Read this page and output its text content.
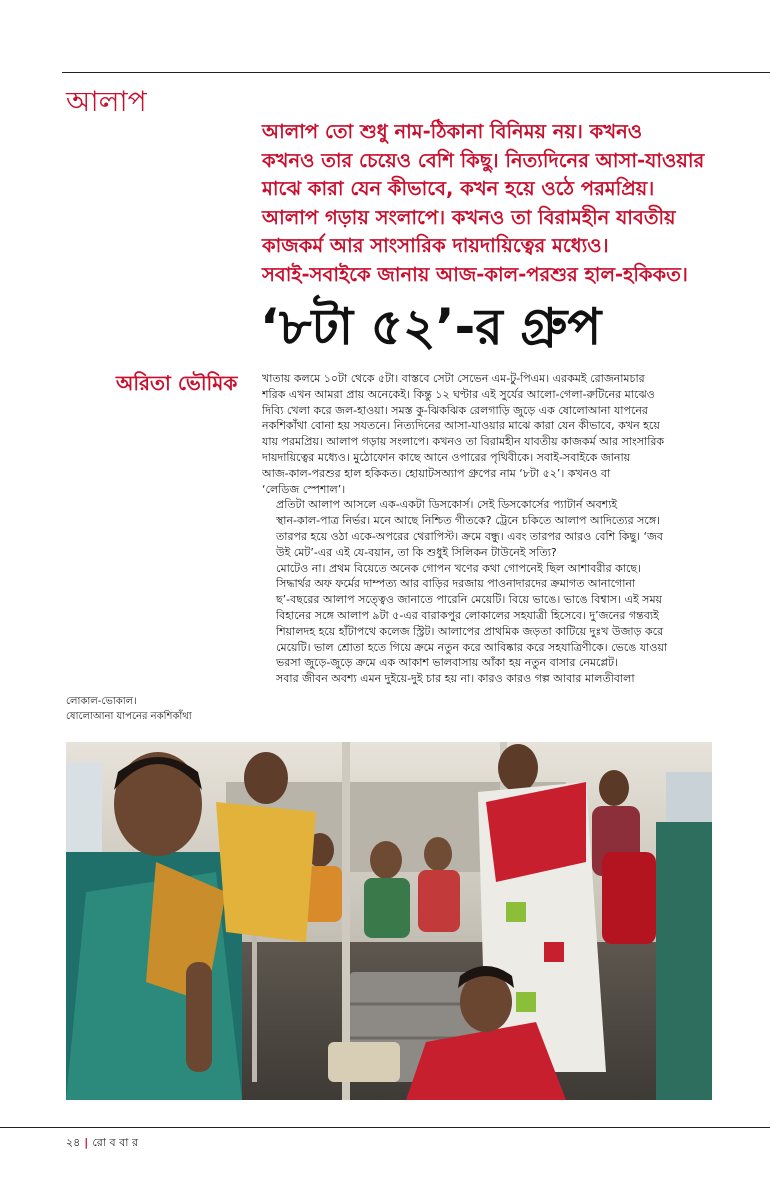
আলাপ
আলাপ তো শুধু নাম-ঠিকানা বিনিময় নয়। কখনও
কখনও তার চেয়েও বেশি কিছু। নিত্যদিনের আসা-যাওয়ার
মাঝে কারা যেন কীভাবে, কখন হয়ে ওঠে পরমপ্রিয়।
আলাপ গড়ায় সংলাপে। কখনও তা বিরামহীন যাবতীয়
কাজকর্ম আর সাংসারিক দায়দায়িত্বের মধ্যেও।
সবাই-সবাইকে জানায় আজ-কাল-পরশুর হাল-হকিকত।
‘৮টা ৫২’-র গ্রুপ
অরিতা ভৌমিক	খাতায় কলমে ১০টা থেকে ৫টা। বাস্তবে সেটা সেভেন এম-টু-পিএম। এরকমই রোজনামচার
শরিক এখন আমরা প্রায় অনেকেই। কিন্তু ১২ ঘণ্টার এই সুর্যের আলো-গেলা-রুটিনের মাঝেও
দিব্যি খেলা করে জল-হাওয়া। সমস্ত কু-ঝিকঝিক রেলগাড়ি জুড়ে এক ষোলোআনা যাপনের
নকশিকাঁথা বোনা হয় সযতনে। নিত্যদিনের আসা-যাওয়ার মাঝে কারা যেন কীভাবে, কখন হয়ে
যায় পরমপ্রিয়। আলাপ গড়ায় সংলাপে। কখনও তা বিরামহীন যাবতীয় কাজকর্ম আর সাংসারিক
দায়দায়িত্বের মধ্যেও। মুঠোফোন কাছে আনে ওপারের পৃথিবীকে। সবাই-সবাইকে জানায়
আজ-কাল-পরশুর হাল হকিকত। হোয়াটসঅ্যাপ গ্রুপের নাম ‘৮টা ৫২’। কখনও বা
‘লেডিজ স্পেশাল’।

প্রতিটা আলাপ আসলে এক-একটা ডিসকোর্স। সেই ডিসকোর্সের প্যাটার্ন অবশ্যই
স্থান-কাল-পাত্র নির্ভর। মনে আছে নিশ্চিত গীতকে? ট্রেনে চকিতে আলাপ আদিত্যের সঙ্গে।
তারপর হয়ে ওঠা একে-অপরের থেরাপিস্ট। ক্রমে বন্ধু। এবং তারপর আরও বেশি কিছু। ‘জব
উই মেট’-এর এই যে-বয়ান, তা কি শুধুই সিলিকন টাউনেই সত্যি?

মোটেও না। প্রথম বিয়েতে অনেক গোপন খণের কথা গোপনেই ছিল আশাবরীর কাছে।
সিদ্ধার্থর অফ ফর্মের দাম্পত্য আর বাড়ির দরজায় পাওনাদারদের ক্রমাগত আনাগোনা
ছ’-বছরের আলাপ সত্ত্বেও জানাতে পারেনি মেয়েটি। বিয়ে ভাঙে। ভাঙে বিশ্বাস। এই সময়
বিহানের সঙ্গে আলাপ ৯টা ৫-এর বারাকপুর লোকালের সহযাত্রী হিসেবে। দু’জনের গন্তব্যই
শিয়ালদহ হয়ে হাঁটাপথে কলেজ স্ট্রিট। আলাপের প্রাথমিক জড়তা কাটিয়ে দুঃখ উজাড় করে
মেয়েটি। ভাল শ্রোতা হতে গিয়ে ক্রমে নতুন করে আবিষ্কার করে সহযাত্রিণীকে। ভেঙে যাওয়া
ভরসা জুড়ে-জুড়ে ক্রমে এক আকাশ ভালবাসায় আঁকা হয় নতুন বাসার নেমপ্লেট।

সবার জীবন অবশ্য এমন দুইয়ে-দুই চার হয় না। কারও কারও গল্প আবার মালতীবালা

লোকাল-ভোকাল।
ষোলোআনা যাপনের নকশিকাঁথা
২৪ | রো ব বা র
